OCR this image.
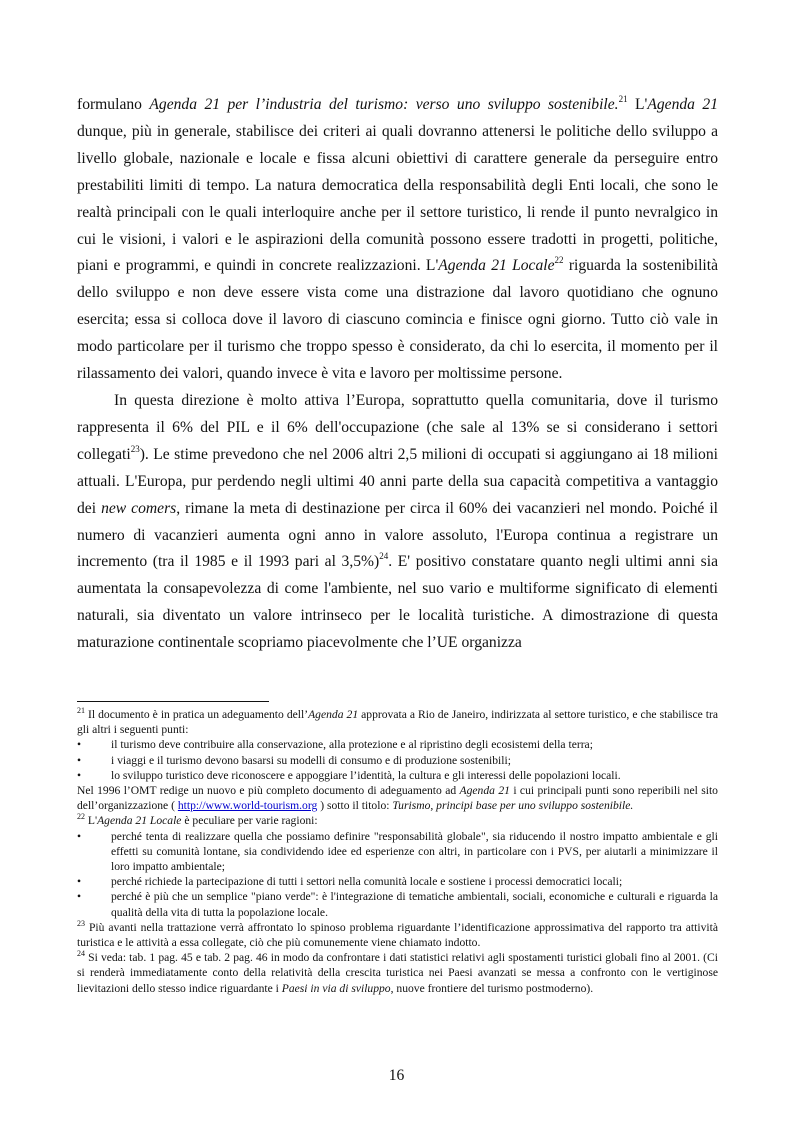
formulano Agenda 21 per l’industria del turismo: verso uno sviluppo sostenibile.$^{21}$ L'Agenda 21 dunque, più in generale, stabilisce dei criteri ai quali dovranno attenersi le politiche dello sviluppo a livello globale, nazionale e locale e fissa alcuni obiettivi di carattere generale da perseguire entro prestabiliti limiti di tempo. La natura democratica della responsabilità degli Enti locali, che sono le realtà principali con le quali interloquire anche per il settore turistico, li rende il punto nevralgico in cui le visioni, i valori e le aspirazioni della comunità possono essere tradotti in progetti, politiche, piani e programmi, e quindi in concrete realizzazioni. L'Agenda 21 Locale$^{22}$ riguarda la sostenibilità dello sviluppo e non deve essere vista come una distrazione dal lavoro quotidiano che ognuno esercita; essa si colloca dove il lavoro di ciascuno comincia e finisce ogni giorno. Tutto ciò vale in modo particolare per il turismo che troppo spesso è considerato, da chi lo esercita, il momento per il rilassamento dei valori, quando invece è vita e lavoro per moltissime persone.

In questa direzione è molto attiva l’Europa, soprattutto quella comunitaria, dove il turismo rappresenta il 6% del PIL e il 6% dell'occupazione (che sale al 13% se si considerano i settori collegati$^{23}$). Le stime prevedono che nel 2006 altri 2,5 milioni di occupati si aggiungano ai 18 milioni attuali. L'Europa, pur perdendo negli ultimi 40 anni parte della sua capacità competitiva a vantaggio dei new comers, rimane la meta di destinazione per circa il 60% dei vacanzieri nel mondo. Poiché il numero di vacanzieri aumenta ogni anno in valore assoluto, l'Europa continua a registrare un incremento (tra il 1985 e il 1993 pari al 3,5%)$^{24}$. E' positivo constatare quanto negli ultimi anni sia aumentata la consapevolezza di come l'ambiente, nel suo vario e multiforme significato di elementi naturali, sia diventato un valore intrinseco per le località turistiche. A dimostrazione di questa maturazione continentale scopriamo piacevolmente che l’UE organizza

$^{21}$ Il documento è in pratica un adeguamento dell’Agenda 21 approvata a Rio de Janeiro, indirizzata al settore turistico, e che stabilisce tra gli altri i seguenti punti:

•	il turismo deve contribuire alla conservazione, alla protezione e al ripristino degli ecosistemi della terra;
•	i viaggi e il turismo devono basarsi su modelli di consumo e di produzione sostenibili;
•	lo sviluppo turistico deve riconoscere e appoggiare l’identità, la cultura e gli interessi delle popolazioni locali.

Nel 1996 l’OMT redige un nuovo e più completo documento di adeguamento ad Agenda 21 i cui principali punti sono reperibili nel sito dell’organizzazione ( http://www.world-tourism.org ) sotto il titolo: Turismo, principi base per uno sviluppo sostenibile.

$^{22}$ L'Agenda 21 Locale è peculiare per varie ragioni:

•	perché tenta di realizzare quella che possiamo definire "responsabilità globale", sia riducendo il nostro impatto ambientale e gli effetti su comunità lontane, sia condividendo idee ed esperienze con altri, in particolare con i PVS, per aiutarli a minimizzare il loro impatto ambientale;
•	perché richiede la partecipazione di tutti i settori nella comunità locale e sostiene i processi democratici locali;
•	perché è più che un semplice "piano verde": è l'integrazione di tematiche ambientali, sociali, economiche e culturali e riguarda la qualità della vita di tutta la popolazione locale.

$^{23}$ Più avanti nella trattazione verrà affrontato lo spinoso problema riguardante l’identificazione approssimativa del rapporto tra attività turistica e le attività a essa collegate, ciò che più comunemente viene chiamato indotto.

$^{24}$ Si veda: tab. 1 pag. 45 e tab. 2 pag. 46 in modo da confrontare i dati statistici relativi agli spostamenti turistici globali fino al 2001. (Ci si renderà immediatamente conto della relatività della crescita turistica nei Paesi avanzati se messa a confronto con le vertiginose lievitazioni dello stesso indice riguardante i Paesi in via di sviluppo, nuove frontiere del turismo postmoderno).

16
